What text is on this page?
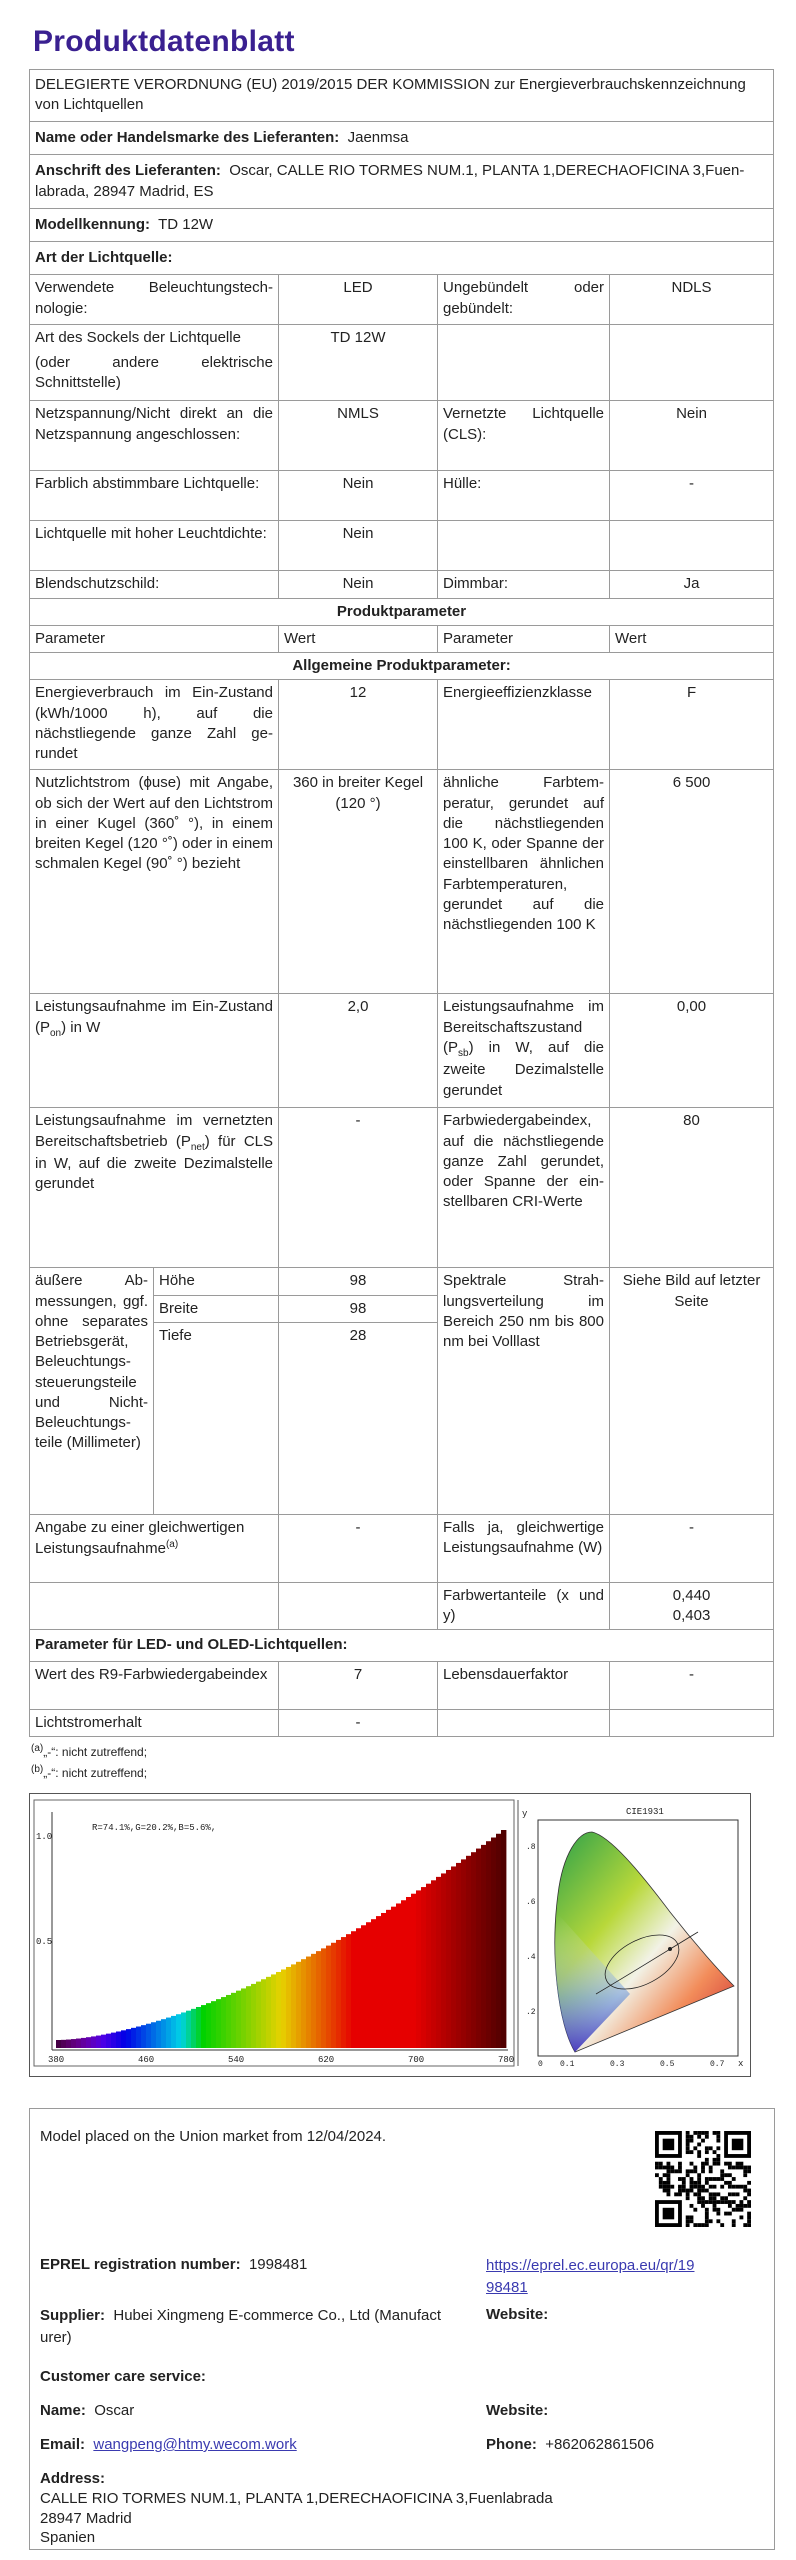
Produktdatenblatt
DELEGIERTE VERORDNUNG (EU) 2019/2015 DER KOMMISSION zur Energieverbrauchskennzeichnung von Lichtquellen				
Name oder Handelsmarke des Lieferanten: Jaenmsa				
Anschrift des Lieferanten: Oscar, CALLE RIO TORMES NUM.1, PLANTA 1,DERECHAOFICINA 3,Fuenlabrada, 28947 Madrid, ES				
Modellkennung: TD 12W				
Art der Lichtquelle:				
Verwendete Beleuchtungstechnologie:		LED	Ungebündelt oder gebündelt:	NDLS

Art des Sockels der Lichtquelle
(oder andere elektrische Schnittstelle)		TD 12W		
Netzspannung/Nicht direkt an die Netzspannung angeschlossen:		NMLS	Vernetzte Lichtquelle (CLS):	Nein
Farblich abstimmbare Lichtquelle:		Nein	Hülle:	-
Lichtquelle mit hoher Leuchtdichte:		Nein		
Blendschutzschild:		Nein	Dimmbar:	Ja
Produktparameter				
Parameter		Wert	Parameter	Wert
Allgemeine Produktparameter:				
Energieverbrauch im Ein-Zustand (kWh/1000 h), auf die nächstliegende ganze Zahl gerundet		12	Energieeffizienzklasse	F
Nutzlichtstrom (ϕuse) mit Angabe, ob sich der Wert auf den Lichtstrom in einer Kugel (360˚ °), in einem breiten Kegel (120 °˚) oder in einem schmalen Kegel (90˚ °) bezieht		360 in breiter Kegel (120 °)	ähnliche Farbtemperatur, gerundet auf die nächstliegenden 100 K, oder Spanne der einstellbaren ähnlichen Farbtemperaturen, gerundet auf die nächstliegenden 100 K	6 500
Leistungsaufnahme im Ein-Zustand $(P_{on})$ in W		2,0	Leistungsaufnahme im Bereitschaftszustand $(P_{sb})$ in W, auf die zweite Dezimalstelle gerundet	0,00
Leistungsaufnahme im vernetzten Bereitschaftsbetrieb $(P_{net})$ für CLS in W, auf die zweite Dezimalstelle gerundet		-	Farbwiedergabeindex, auf die nächstliegende ganze Zahl gerundet, oder Spanne der einstellbaren CRI-Werte	80
äußere Abmessungen, ggf. ohne separates Betriebsgerät, Beleuchtungssteuerungsteile und Nicht-Beleuchtungsteile (Millimeter)	Höhe	98	Spektrale Strahlungsverteilung im Bereich 250 nm bis 800 nm bei Volllast	Siehe Bild auf letzter Seite
	Breite	98		
	Tiefe	28		
Angabe zu einer gleichwertigen Leistungsaufnahme$^{(a)}$		-	Falls ja, gleichwertige Leistungsaufnahme (W)	-
			Farbwertanteile (x und y)	0,440
0,403

Parameter für LED- und OLED-Lichtquellen:				
Wert des R9-Farbwiedergabeindex		7	Lebensdauerfaktor	-
Lichtstromerhalt		-		
$^{(a)}$„-“: nicht zutreffend;
$^{(b)}$„-“: nicht zutreffend;
R=74.1%,G=20.2%,B=5.6%,
1.0
0.5
380	460	540	620	700	780
CIE1931
y
x
.8
.6
.4
.2
0 0.1	0.3	0.5	0.7
Model placed on the Union market from 12/04/2024.
EPREL registration number: 1998481	https://eprel.ec.europa.eu/qr/19
98481
Supplier: Hubei Xingmeng E-commerce Co., Ltd (Manufact
urer)
Website:
Customer care service:
Name: Oscar	Website:
Email: wangpeng@htmy.wecom.work	Phone: +862062861506
Address:
CALLE RIO TORMES NUM.1, PLANTA 1,DERECHAOFICINA 3,Fuenlabrada
28947 Madrid
Spanien
